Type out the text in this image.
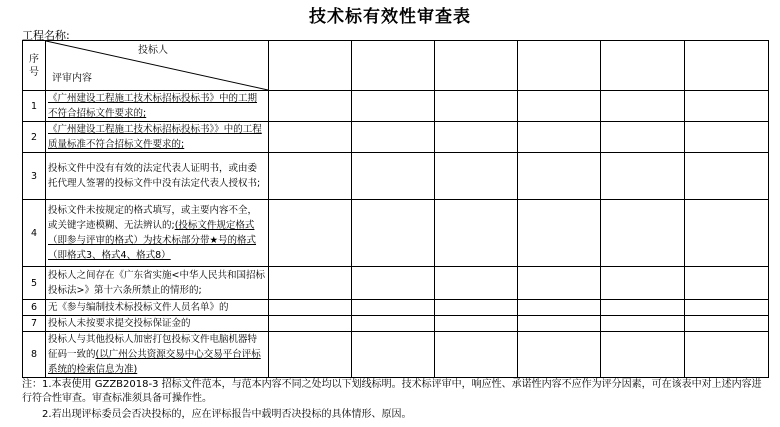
技术标有效性审查表
工程名称:
序
号	投标人
评审内容						

1	《广州建设工程施工技术标招标投标书》中的工期不符合招标文件要求的;						
2	《广州建设工程施工技术标招标投标书》》中的工程质量标准不符合招标文件要求的;						
3	投标文件中没有有效的法定代表人证明书，或由委托代理人签署的投标文件中没有法定代表人授权书;						
4	投标文件未按规定的格式填写，或主要内容不全，或关键字迹模糊、无法辨认的;(投标文件规定格式（即参与评审的格式）为技术标部分带★号的格式（即格式3、格式4、格式8）						
5	投标人之间存在《广东省实施<中华人民共和国招标投标法>》第十六条所禁止的情形的;						
6	无《参与编制技术标投标文件人员名单》的						
7	投标人未按要求提交投标保证金的						
8	投标人与其他投标人加密打包投标文件电脑机器特征码一致的(以广州公共资源交易中心交易平台评标系统的检索信息为准)						

注：1.本表使用 GZZB2018-3 招标文件范本，与范本内容不同之处均以下划线标明。技术标评审中，响应性、承诺性内容不应作为评分因素，可在该表中对上述内容进行符合性审查。审查标准须具备可操作性。

2.若出现评标委员会否决投标的，应在评标报告中载明否决投标的具体情形、原因。
